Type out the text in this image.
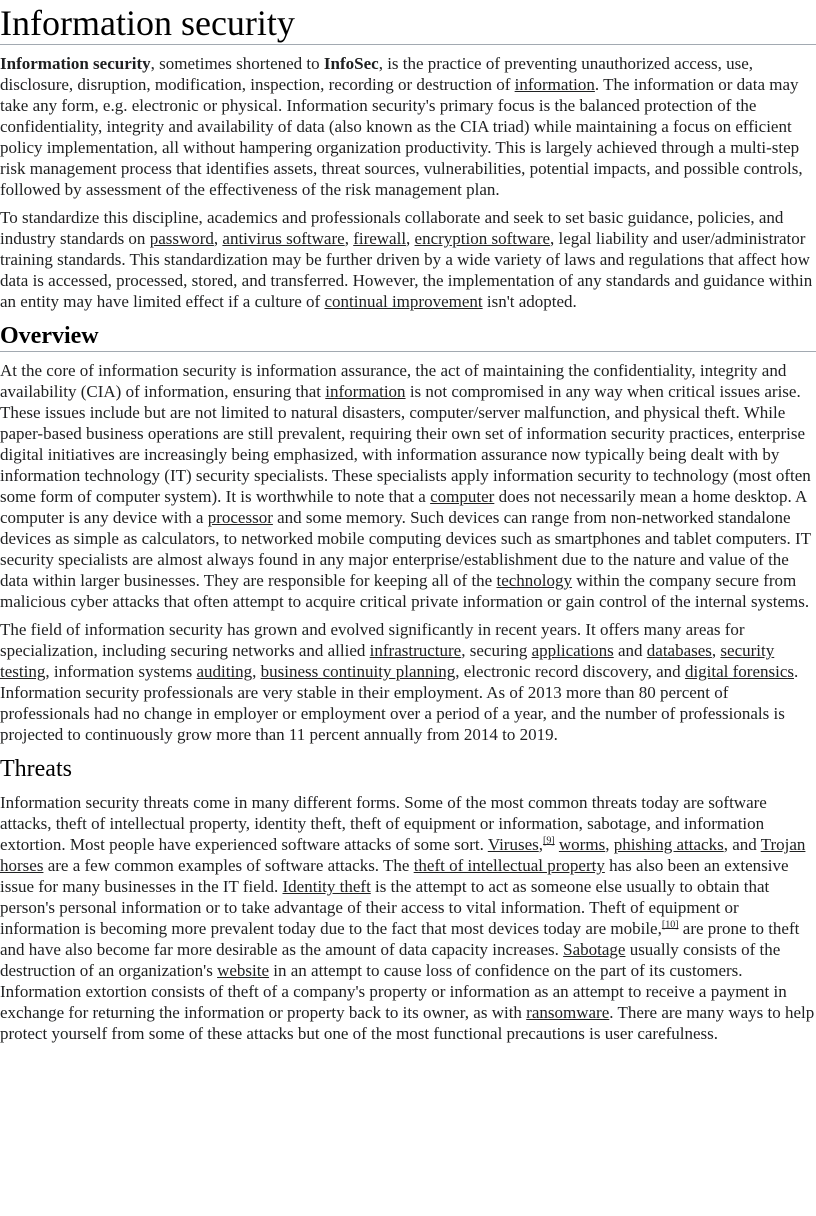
Information security

Information security, sometimes shortened to InfoSec, is the practice of preventing unauthorized access, use, disclosure, disruption, modification, inspection, recording or destruction of information. The information or data may take any form, e.g. electronic or physical. Information security's primary focus is the balanced protection of the confidentiality, integrity and availability of data (also known as the CIA triad) while maintaining a focus on efficient policy implementation, all without hampering organization productivity. This is largely achieved through a multi-step risk management process that identifies assets, threat sources, vulnerabilities, potential impacts, and possible controls, followed by assessment of the effectiveness of the risk management plan.

To standardize this discipline, academics and professionals collaborate and seek to set basic guidance, policies, and industry standards on password, antivirus software, firewall, encryption software, legal liability and user/administrator training standards. This standardization may be further driven by a wide variety of laws and regulations that affect how data is accessed, processed, stored, and transferred. However, the implementation of any standards and guidance within an entity may have limited effect if a culture of continual improvement isn't adopted.

Overview

At the core of information security is information assurance, the act of maintaining the confidentiality, integrity and availability (CIA) of information, ensuring that information is not compromised in any way when critical issues arise. These issues include but are not limited to natural disasters, computer/server malfunction, and physical theft. While paper-based business operations are still prevalent, requiring their own set of information security practices, enterprise digital initiatives are increasingly being emphasized, with information assurance now typically being dealt with by information technology (IT) security specialists. These specialists apply information security to technology (most often some form of computer system). It is worthwhile to note that a computer does not necessarily mean a home desktop. A computer is any device with a processor and some memory. Such devices can range from non-networked standalone devices as simple as calculators, to networked mobile computing devices such as smartphones and tablet computers. IT security specialists are almost always found in any major enterprise/establishment due to the nature and value of the data within larger businesses. They are responsible for keeping all of the technology within the company secure from malicious cyber attacks that often attempt to acquire critical private information or gain control of the internal systems.

The field of information security has grown and evolved significantly in recent years. It offers many areas for specialization, including securing networks and allied infrastructure, securing applications and databases, security testing, information systems auditing, business continuity planning, electronic record discovery, and digital forensics. Information security professionals are very stable in their employment. As of 2013 more than 80 percent of professionals had no change in employer or employment over a period of a year, and the number of professionals is projected to continuously grow more than 11 percent annually from 2014 to 2019.

Threats

Information security threats come in many different forms. Some of the most common threats today are software attacks, theft of intellectual property, identity theft, theft of equipment or information, sabotage, and information extortion. Most people have experienced software attacks of some sort. Viruses,[9] worms, phishing attacks, and Trojan horses are a few common examples of software attacks. The theft of intellectual property has also been an extensive issue for many businesses in the IT field. Identity theft is the attempt to act as someone else usually to obtain that person's personal information or to take advantage of their access to vital information. Theft of equipment or information is becoming more prevalent today due to the fact that most devices today are mobile,[10] are prone to theft and have also become far more desirable as the amount of data capacity increases. Sabotage usually consists of the destruction of an organization's website in an attempt to cause loss of confidence on the part of its customers. Information extortion consists of theft of a company's property or information as an attempt to receive a payment in exchange for returning the information or property back to its owner, as with ransomware. There are many ways to help protect yourself from some of these attacks but one of the most functional precautions is user carefulness.
